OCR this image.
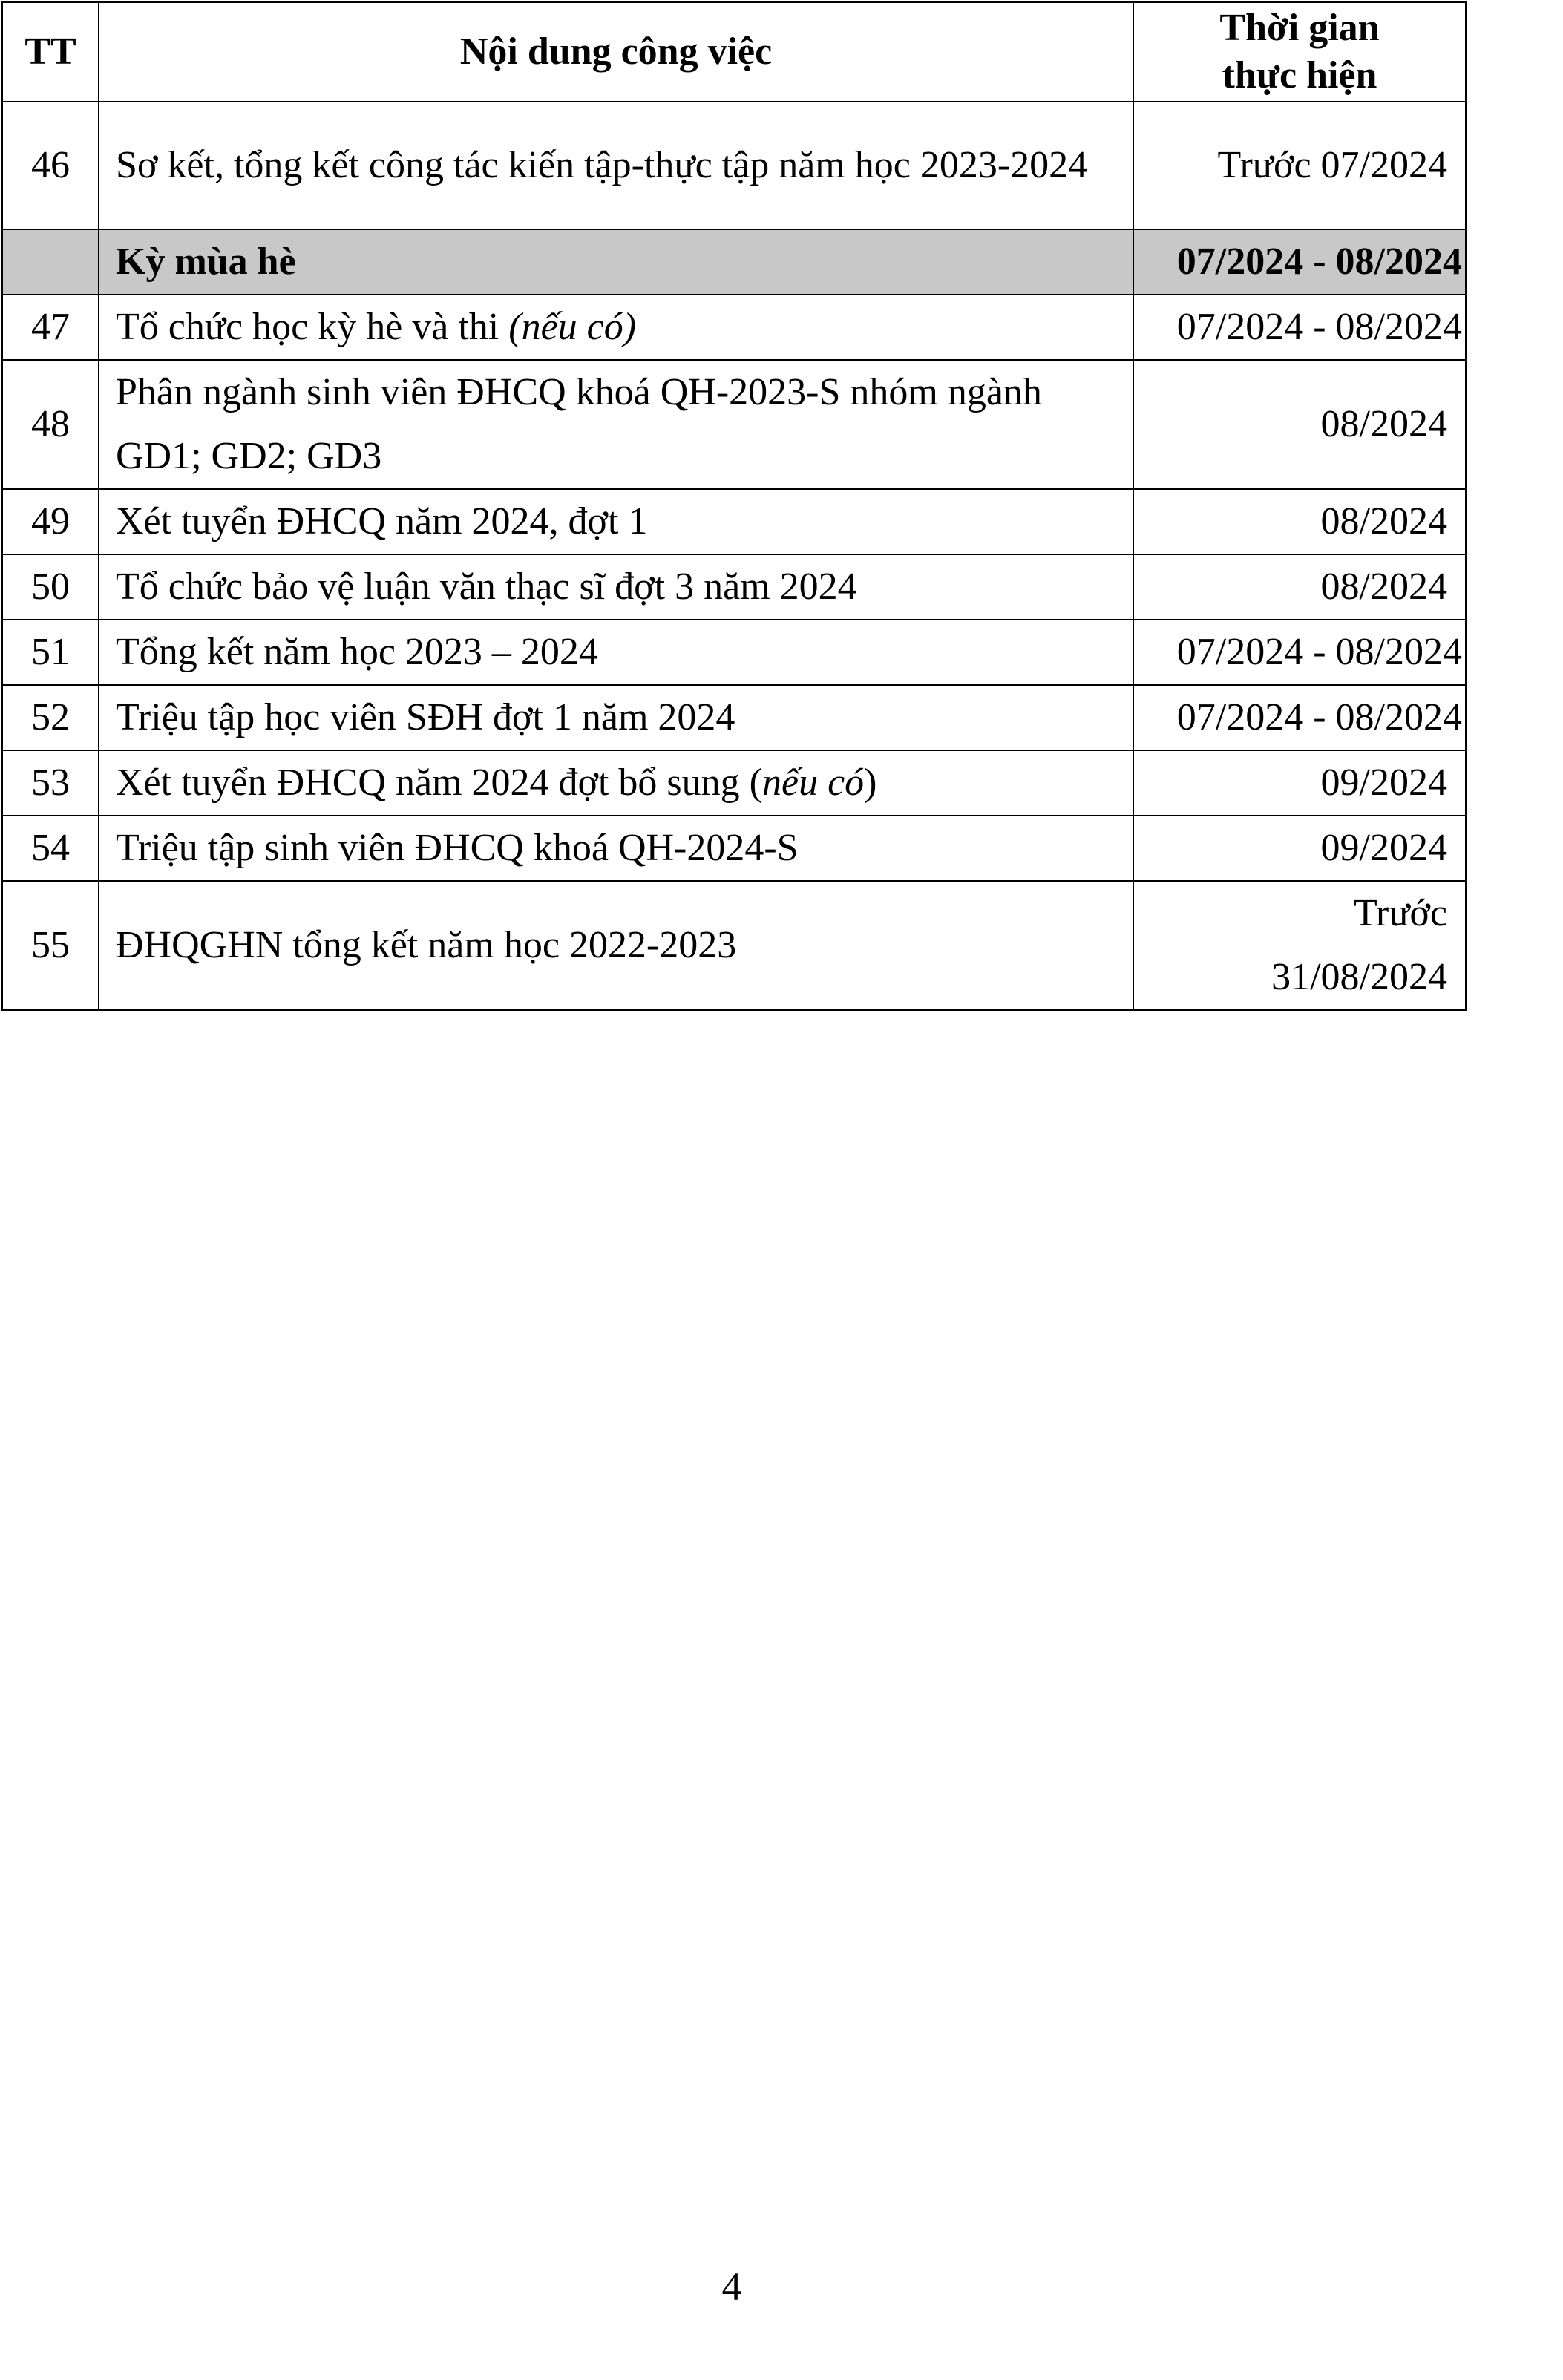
TT	Nội dung công việc	Thời gian
thực hiện
46	Sơ kết, tổng kết công tác kiến tập-thực tập năm học 2023-2024	Trước 07/2024
	Kỳ mùa hè	07/2024 - 08/2024
47	Tổ chức học kỳ hè và thi (nếu có)	07/2024 - 08/2024
48	Phân ngành sinh viên ĐHCQ khoá QH-2023-S nhóm ngành GD1; GD2; GD3	08/2024
49	Xét tuyển ĐHCQ năm 2024, đợt 1	08/2024
50	Tổ chức bảo vệ luận văn thạc sĩ đợt 3 năm 2024	08/2024
51	Tổng kết năm học 2023 – 2024	07/2024 - 08/2024
52	Triệu tập học viên SĐH đợt 1 năm 2024	07/2024 - 08/2024
53	Xét tuyển ĐHCQ năm 2024 đợt bổ sung (nếu có)	09/2024
54	Triệu tập sinh viên ĐHCQ khoá QH-2024-S	09/2024
55	ĐHQGHN tổng kết năm học 2022-2023	Trước
31/08/2024
4
